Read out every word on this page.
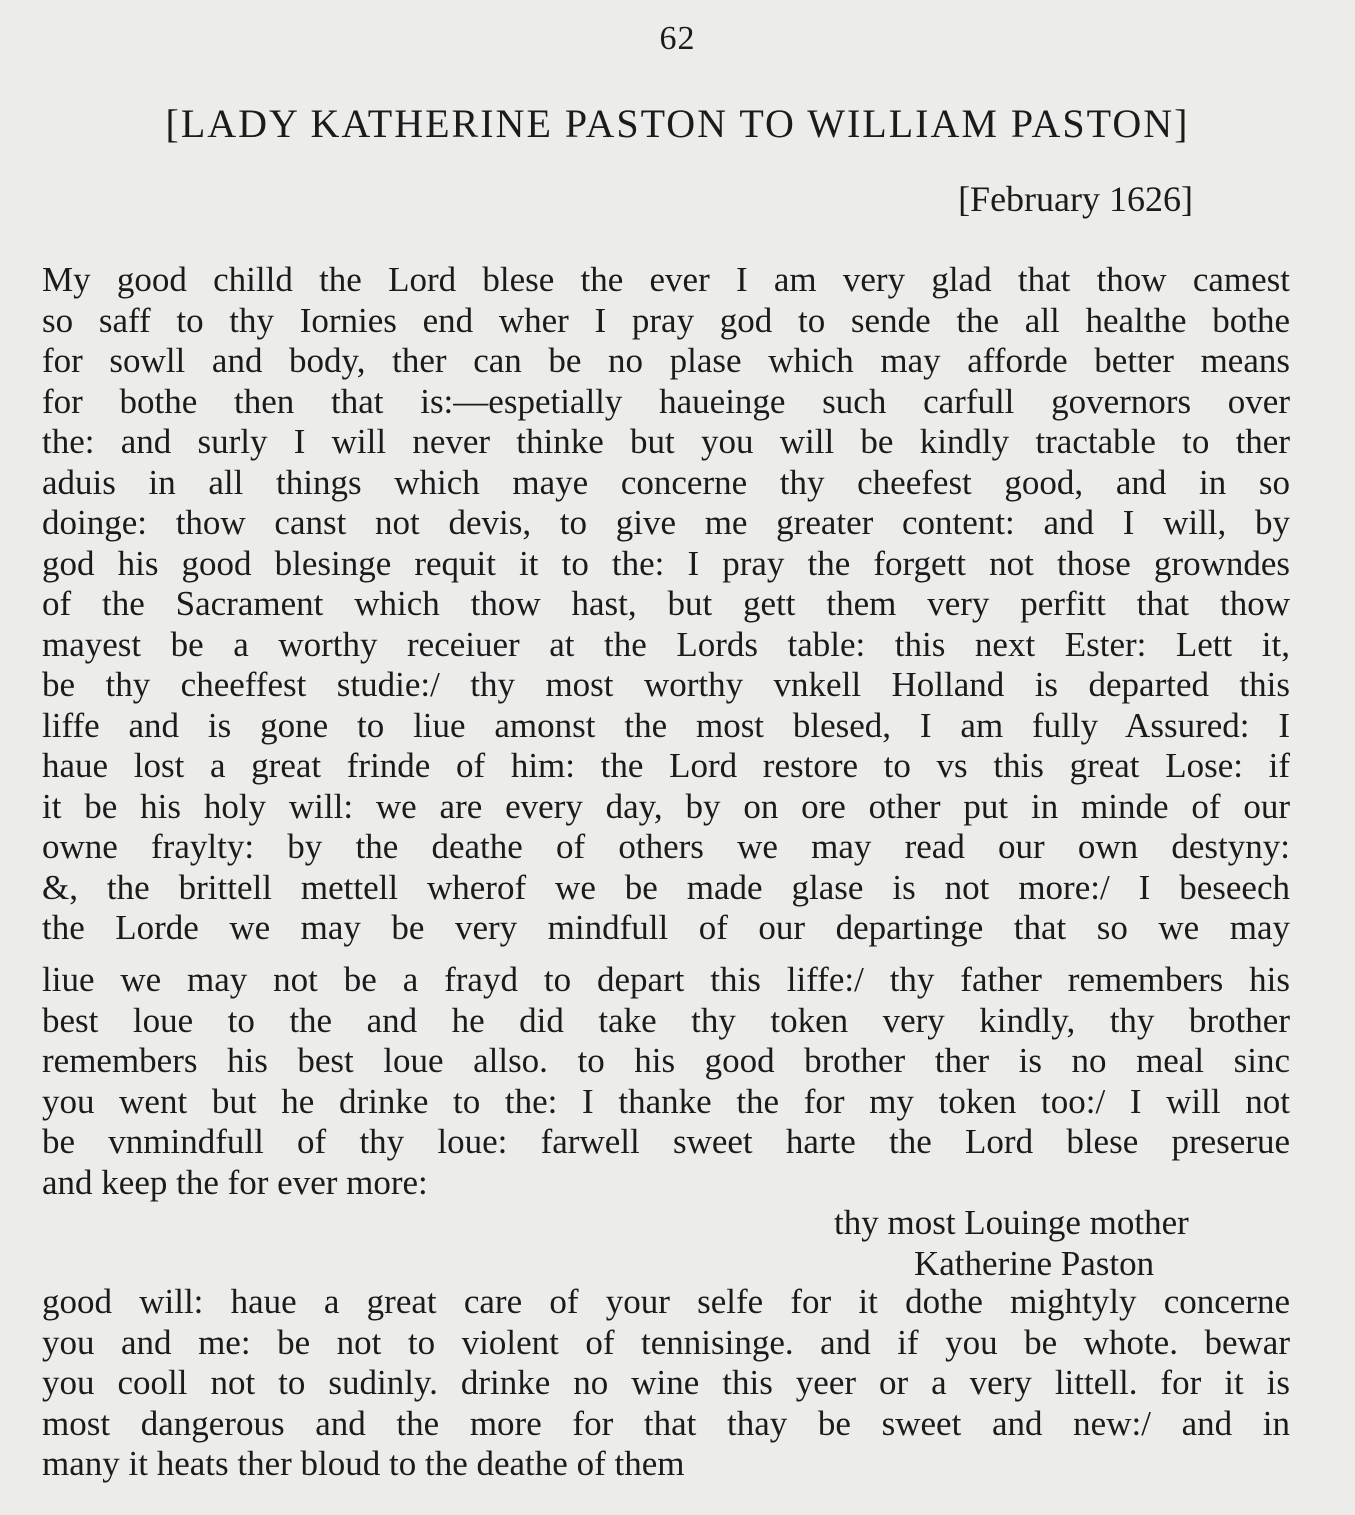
62
[LADY KATHERINE PASTON TO WILLIAM PASTON]
[February 1626]
My good chilld the Lord blese the ever I am very glad that thow camest
so saff to thy Iornies end wher I pray god to sende the all healthe bothe
for sowll and body, ther can be no plase which may afforde better means
for bothe then that is:—espetially haueinge such carfull governors over
the: and surly I will never thinke but you will be kindly tractable to ther
aduis in all things which maye concerne thy cheefest good, and in so
doinge: thow canst not devis, to give me greater content: and I will, by
god his good blesinge requit it to the: I pray the forgett not those growndes
of the Sacrament which thow hast, but gett them very perfitt that thow
mayest be a worthy receiuer at the Lords table: this next Ester: Lett it,
be thy cheeffest studie:/ thy most worthy vnkell Holland is departed this
liffe and is gone to liue amonst the most blesed, I am fully Assured: I
haue lost a great frinde of him: the Lord restore to vs this great Lose: if
it be his holy will: we are every day, by on ore other put in minde of our
owne fraylty: by the deathe of others we may read our own destyny:
&, the brittell mettell wherof we be made glase is not more:/ I beseech
the Lorde we may be very mindfull of our departinge that so we may
liue we may not be a frayd to depart this liffe:/ thy father remembers his
best loue to the and he did take thy token very kindly, thy brother
remembers his best loue allso. to his good brother ther is no meal sinc
you went but he drinke to the: I thanke the for my token too:/ I will not
be vnmindfull of thy loue: farwell sweet harte the Lord blese preserue
and keep the for ever more:
thy most Louinge mother
Katherine Paston
good will: haue a great care of your selfe for it dothe mightyly concerne
you and me: be not to violent of tennisinge. and if you be whote. bewar
you cooll not to sudinly. drinke no wine this yeer or a very littell. for it is
most dangerous and the more for that thay be sweet and new:/ and in
many it heats ther bloud to the deathe of them
